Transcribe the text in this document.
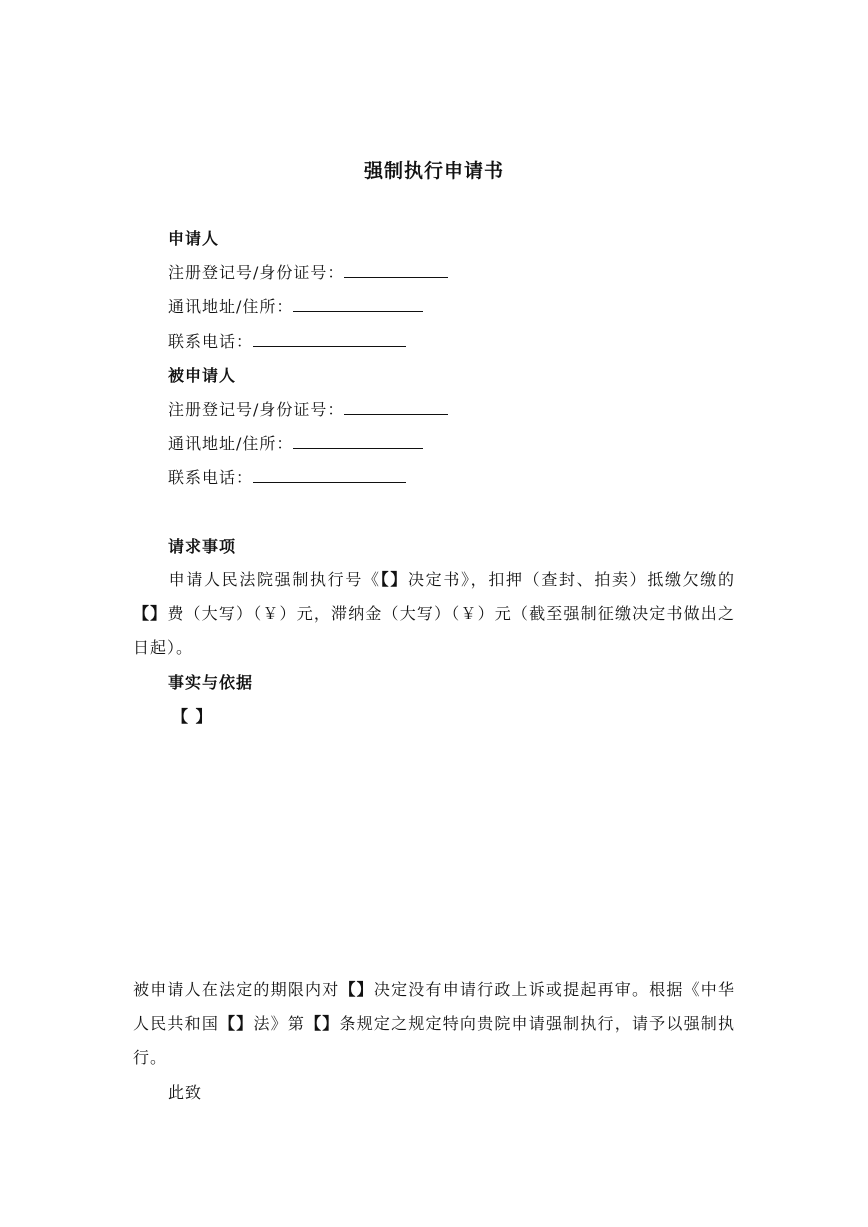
强制执行申请书
申请人
注册登记号/身份证号：
通讯地址/住所：
联系电话：
被申请人
注册登记号/身份证号：
通讯地址/住所：
联系电话：
请求事项
申请人民法院强制执行号《【】决定书》，扣押（查封、拍卖）抵缴欠缴的【】费（大写）（￥）元，滞纳金（大写）（￥）元（截至强制征缴决定书做出之日起）。
事实与依据
【 】
被申请人在法定的期限内对【】决定没有申请行政上诉或提起再审。根据《中华人民共和国【】法》第【】条规定之规定特向贵院申请强制执行，请予以强制执行。
此致
